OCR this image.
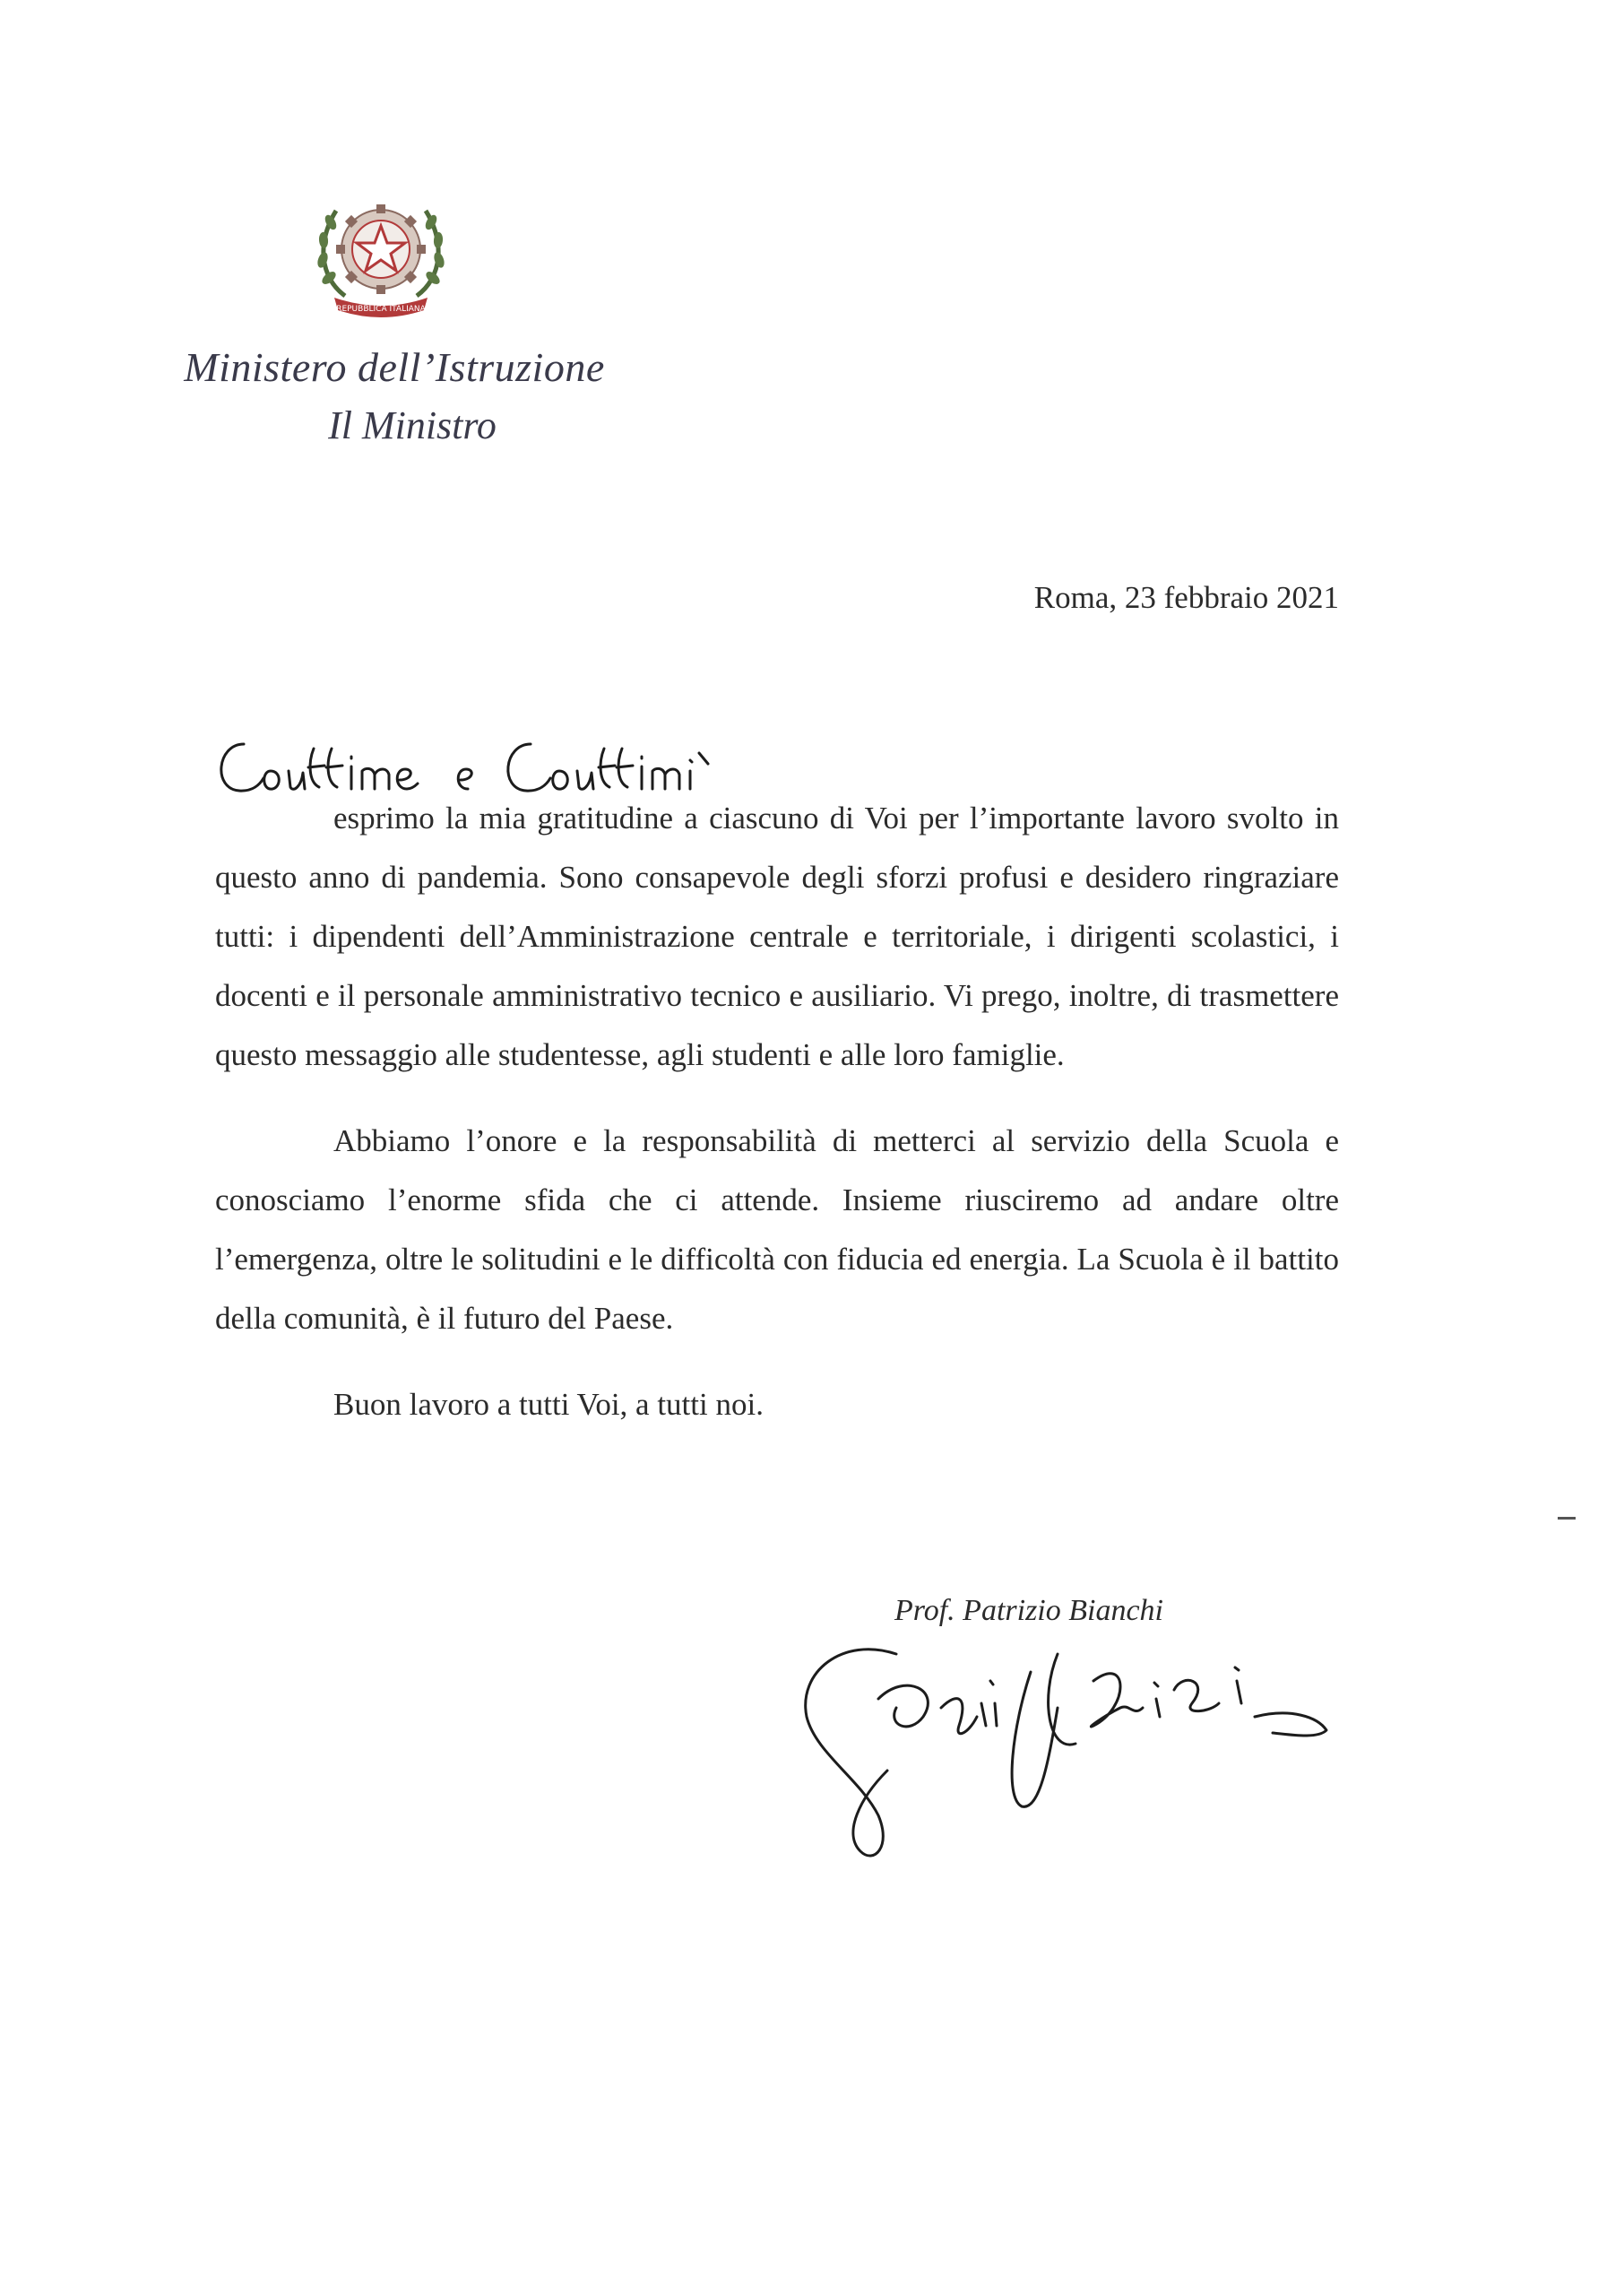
REPUBBLICA ITALIANA
Ministero dell’Istruzione
Il Ministro
Roma, 23 febbraio 2021

esprimo la mia gratitudine a ciascuno di Voi per l’importante lavoro svolto in questo anno di pandemia. Sono consapevole degli sforzi profusi e desidero ringraziare tutti: i dipendenti dell’Amministrazione centrale e territoriale, i dirigenti scolastici, i docenti e il personale amministrativo tecnico e ausiliario. Vi prego, inoltre, di trasmettere questo messaggio alle studentesse, agli studenti e alle loro famiglie.

Abbiamo l’onore e la responsabilità di metterci al servizio della Scuola e conosciamo l’enorme sfida che ci attende. Insieme riusciremo ad andare oltre l’emergenza, oltre le solitudini e le difficoltà con fiducia ed energia. La Scuola è il battito della comunità, è il futuro del Paese.

Buon lavoro a tutti Voi, a tutti noi.

Prof. Patrizio Bianchi
